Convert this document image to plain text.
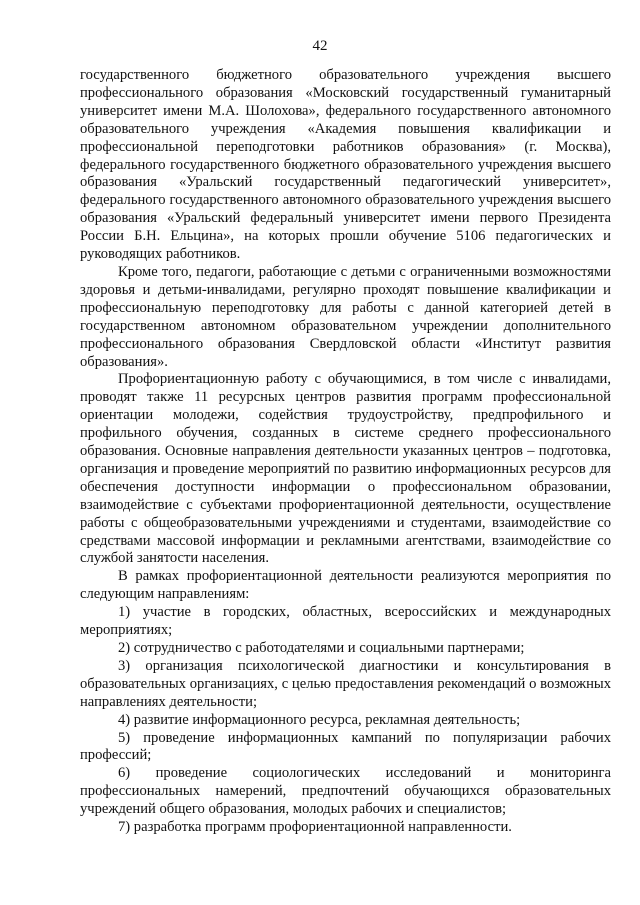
42

государственного бюджетного образовательного учреждения высшего профессионального образования «Московский государственный гуманитарный университет имени М.А. Шолохова», федерального государственного автономного образовательного учреждения «Академия повышения квалификации и профессиональной переподготовки работников образования» (г. Москва), федерального государственного бюджетного образовательного учреждения высшего образования «Уральский государственный педагогический университет», федерального государственного автономного образовательного учреждения высшего образования «Уральский федеральный университет имени первого Президента России Б.Н. Ельцина», на которых прошли обучение 5106 педагогических и руководящих работников.

Кроме того, педагоги, работающие с детьми с ограниченными возможностями здоровья и детьми-инвалидами, регулярно проходят повышение квалификации и профессиональную переподготовку для работы с данной категорией детей в государственном автономном образовательном учреждении дополнительного профессионального образования Свердловской области «Институт развития образования».

Профориентационную работу с обучающимися, в том числе с инвалидами, проводят также 11 ресурсных центров развития программ профессиональной ориентации молодежи, содействия трудоустройству, предпрофильного и профильного обучения, созданных в системе среднего профессионального образования. Основные направления деятельности указанных центров – подготовка, организация и проведение мероприятий по развитию информационных ресурсов для обеспечения доступности информации о профессиональном образовании, взаимодействие с субъектами профориентационной деятельности, осуществление работы с общеобразовательными учреждениями и студентами, взаимодействие со средствами массовой информации и рекламными агентствами, взаимодействие со службой занятости населения.

В рамках профориентационной деятельности реализуются мероприятия по следующим направлениям:

1) участие в городских, областных, всероссийских и международных мероприятиях;

2) сотрудничество с работодателями и социальными партнерами;

3) организация психологической диагностики и консультирования в образовательных организациях, с целью предоставления рекомендаций о возможных направлениях деятельности;

4) развитие информационного ресурса, рекламная деятельность;

5) проведение информационных кампаний по популяризации рабочих профессий;

6) проведение социологических исследований и мониторинга профессиональных намерений, предпочтений обучающихся образовательных учреждений общего образования, молодых рабочих и специалистов;

7) разработка программ профориентационной направленности.
